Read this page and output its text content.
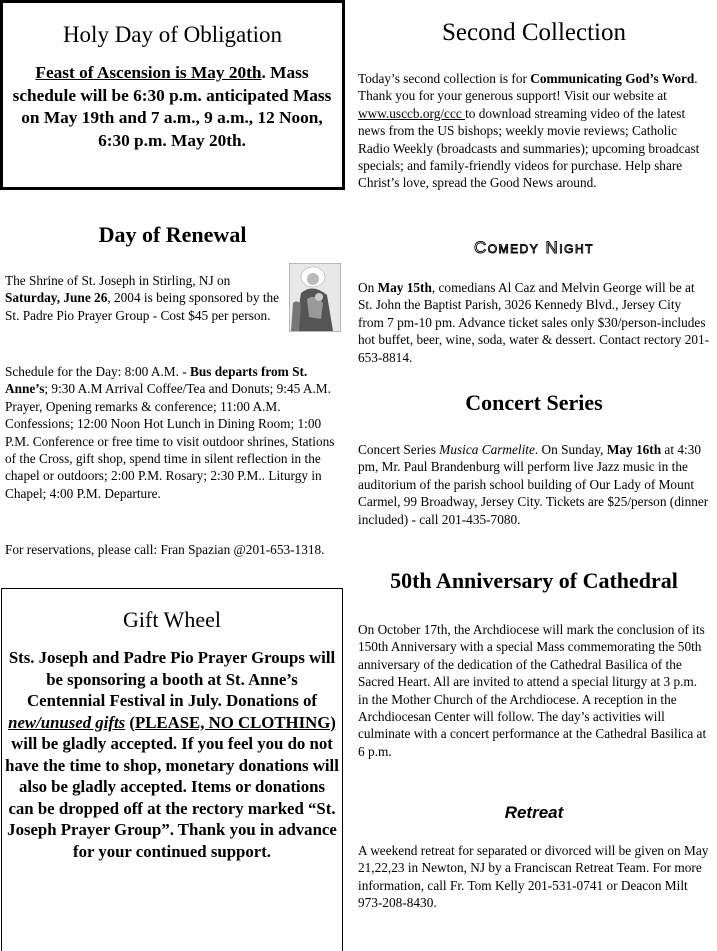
Holy Day of Obligation
Feast of Ascension is May 20th. Mass schedule will be 6:30 p.m. anticipated Mass on May 19th and 7 a.m., 9 a.m., 12 Noon, 6:30 p.m. May 20th.
Day of Renewal
The Shrine of St. Joseph in Stirling, NJ on Saturday, June 26, 2004 is being sponsored by the St. Padre Pio Prayer Group - Cost $45 per person.
Schedule for the Day: 8:00 A.M. - Bus departs from St. Anne’s; 9:30 A.M Arrival Coffee/Tea and Donuts; 9:45 A.M. Prayer, Opening remarks & conference; 11:00 A.M. Confessions; 12:00 Noon Hot Lunch in Dining Room; 1:00 P.M. Conference or free time to visit outdoor shrines, Stations of the Cross, gift shop, spend time in silent reflection in the chapel or outdoors; 2:00 P.M. Rosary; 2:30 P.M.. Liturgy in Chapel; 4:00 P.M. Departure.
For reservations, please call: Fran Spazian @201-653-1318.
Gift Wheel
Sts. Joseph and Padre Pio Prayer Groups will be sponsoring a booth at St. Anne’s Centennial Festival in July. Donations of new/unused gifts (PLEASE, NO CLOTHING) will be gladly accepted. If you feel you do not have the time to shop, monetary donations will also be gladly accepted. Items or donations can be dropped off at the rectory marked “St. Joseph Prayer Group”. Thank you in advance for your continued support.
Second Collection
Today’s second collection is for Communicating God’s Word. Thank you for your generous support! Visit our website at www.usccb.org/ccc to download streaming video of the latest news from the US bishops; weekly movie reviews; Catholic Radio Weekly (broadcasts and summaries); upcoming broadcast specials; and family-friendly videos for purchase. Help share Christ’s love, spread the Good News around.
Comedy Night
On May 15th, comedians Al Caz and Melvin George will be at St. John the Baptist Parish, 3026 Kennedy Blvd., Jersey City from 7 pm-10 pm. Advance ticket sales only $30/person-includes hot buffet, beer, wine, soda, water & dessert. Contact rectory 201-653-8814.
Concert Series
Concert Series Musica Carmelite. On Sunday, May 16th at 4:30 pm, Mr. Paul Brandenburg will perform live Jazz music in the auditorium of the parish school building of Our Lady of Mount Carmel, 99 Broadway, Jersey City. Tickets are $25/person (dinner included) - call 201-435-7080.
50th Anniversary of Cathedral
On October 17th, the Archdiocese will mark the conclusion of its 150th Anniversary with a special Mass commemorating the 50th anniversary of the dedication of the Cathedral Basilica of the Sacred Heart. All are invited to attend a special liturgy at 3 p.m. in the Mother Church of the Archdiocese. A reception in the Archdiocesan Center will follow. The day’s activities will culminate with a concert performance at the Cathedral Basilica at 6 p.m.
Retreat
A weekend retreat for separated or divorced will be given on May 21,22,23 in Newton, NJ by a Franciscan Retreat Team. For more information, call Fr. Tom Kelly 201-531-0741 or Deacon Milt 973-208-8430.
